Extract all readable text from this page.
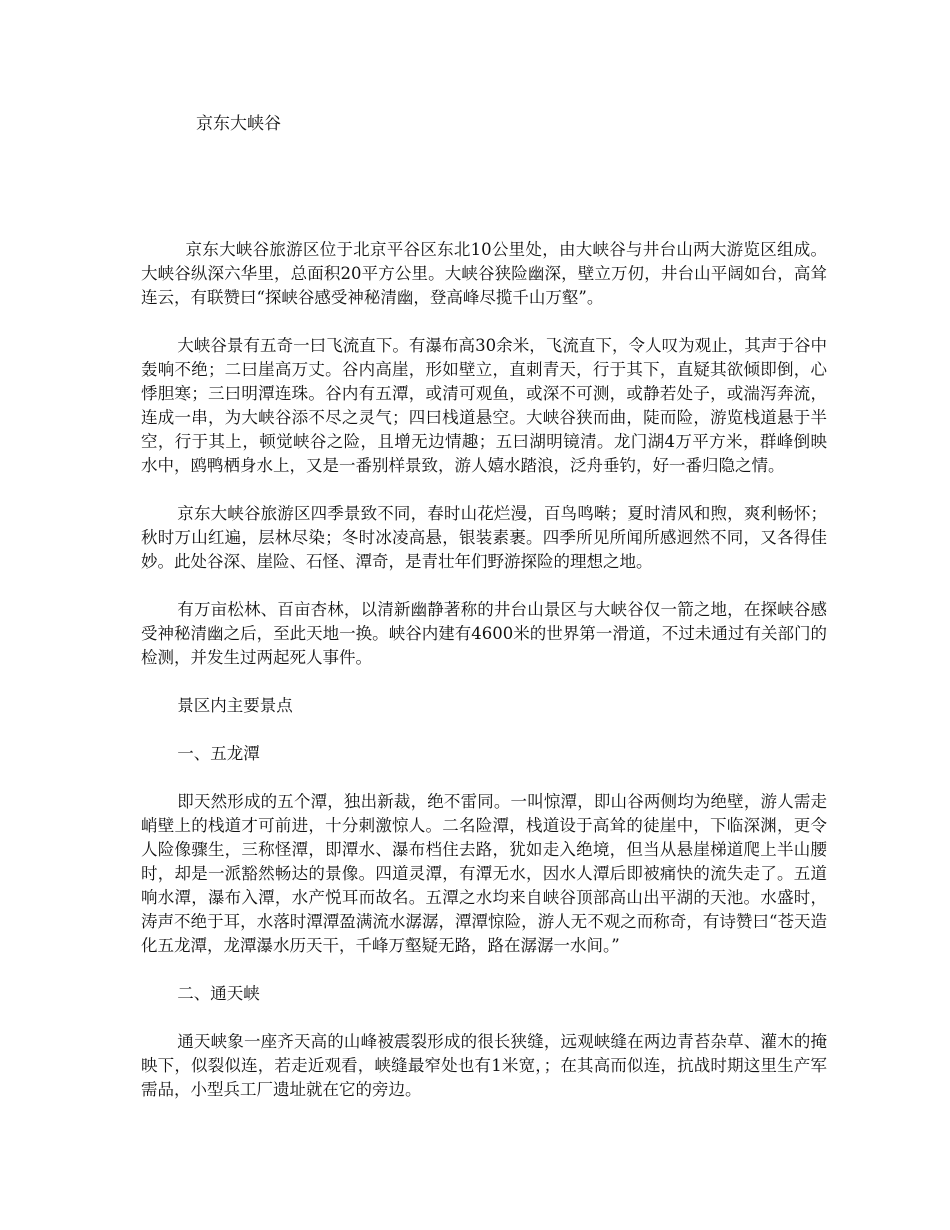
京东大峡谷

京东大峡谷旅游区位于北京平谷区东北10公里处，由大峡谷与井台山两大游览区组成。大峡谷纵深六华里，总面积20平方公里。大峡谷狭险幽深，壁立万仞，井台山平阔如台，高耸连云，有联赞曰“探峡谷感受神秘清幽，登高峰尽揽千山万壑”。

大峡谷景有五奇一曰飞流直下。有瀑布高30余米，飞流直下，令人叹为观止，其声于谷中轰响不绝；二曰崖高万丈。谷内高崖，形如壁立，直刺青天，行于其下，直疑其欲倾即倒，心悸胆寒；三曰明潭连珠。谷内有五潭，或清可观鱼，或深不可测，或静若处子，或湍泻奔流，连成一串，为大峡谷添不尽之灵气；四曰栈道悬空。大峡谷狭而曲，陡而险，游览栈道悬于半空，行于其上，顿觉峡谷之险，且增无边情趣；五曰湖明镜清。龙门湖4万平方米，群峰倒映水中，鸥鸭栖身水上，又是一番别样景致，游人嬉水踏浪，泛舟垂钓，好一番归隐之情。

京东大峡谷旅游区四季景致不同，春时山花烂漫，百鸟鸣啭；夏时清风和煦，爽利畅怀；秋时万山红遍，层林尽染；冬时冰凌高悬，银装素裹。四季所见所闻所感迥然不同，又各得佳妙。此处谷深、崖险、石怪、潭奇，是青壮年们野游探险的理想之地。

有万亩松林、百亩杏林，以清新幽静著称的井台山景区与大峡谷仅一箭之地，在探峡谷感受神秘清幽之后，至此天地一换。峡谷内建有4600米的世界第一滑道，不过未通过有关部门的检测，并发生过两起死人事件。

景区内主要景点

一、五龙潭

即天然形成的五个潭，独出新裁，绝不雷同。一叫惊潭，即山谷两侧均为绝壁，游人需走峭壁上的栈道才可前进，十分刺激惊人。二名险潭，栈道设于高耸的徒崖中，下临深渊，更令人险像骤生，三称怪潭，即潭水、瀑布档住去路，犹如走入绝境，但当从悬崖梯道爬上半山腰时，却是一派豁然畅达的景像。四道灵潭，有潭无水，因水人潭后即被痛快的流失走了。五道响水潭，瀑布入潭，水产悦耳而故名。五潭之水均来自峡谷顶部高山出平湖的天池。水盛时，涛声不绝于耳，水落时潭潭盈满流水潺潺，潭潭惊险，游人无不观之而称奇，有诗赞曰“苍天造化五龙潭，龙潭瀑水历天干，千峰万壑疑无路，路在潺潺一水间。”

二、通天峡

通天峡象一座齐天高的山峰被震裂形成的很长狭缝，远观峡缝在两边青苔杂草、灌木的掩映下，似裂似连，若走近观看，峡缝最窄处也有1米宽，；在其高而似连，抗战时期这里生产军需品，小型兵工厂遗址就在它的旁边。
